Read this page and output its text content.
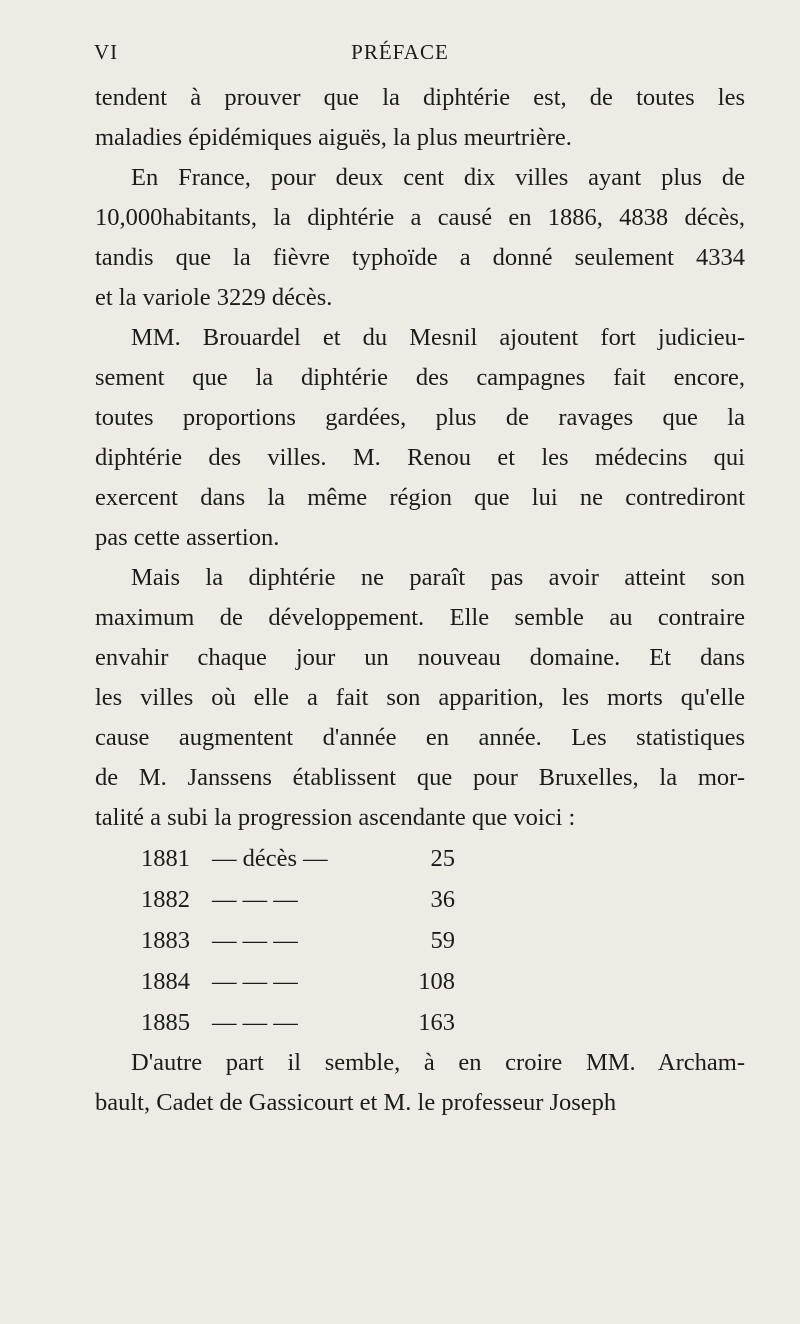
VI	PRÉFACE
tendent à prouver que la diphtérie est, de toutes les
maladies épidémiques aiguës, la plus meurtrière.
En France, pour deux cent dix villes ayant plus de
10,000habitants, la diphtérie a causé en 1886, 4838 décès,
tandis que la fièvre typhoïde a donné seulement 4334
et la variole 3229 décès.
MM. Brouardel et du Mesnil ajoutent fort judicieu-
sement que la diphtérie des campagnes fait encore,
toutes proportions gardées, plus de ravages que la
diphtérie des villes. M. Renou et les médecins qui
exercent dans la même région que lui ne contrediront
pas cette assertion.
Mais la diphtérie ne paraît pas avoir atteint son
maximum de développement. Elle semble au contraire
envahir chaque jour un nouveau domaine. Et dans
les villes où elle a fait son apparition, les morts qu'elle
cause augmentent d'année en année. Les statistiques
de M. Janssens établissent que pour Bruxelles, la mor-
talité a subi la progression ascendante que voici :
1881 — décès —	25
1882 — — —	36
1883 — — —	59
1884 — — —	108
1885 — — —	163
D'autre part il semble, à en croire MM. Archam-
bault, Cadet de Gassicourt et M. le professeur Joseph
